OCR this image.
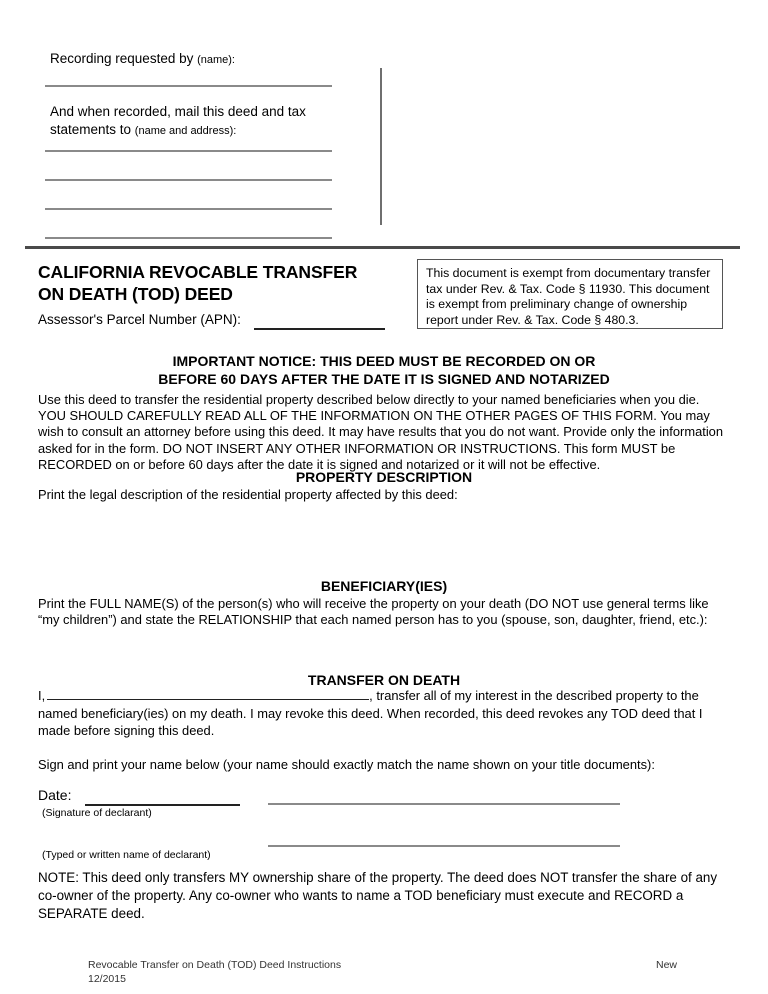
Recording requested by (name):
And when recorded, mail this deed and tax statements to (name and address):
CALIFORNIA REVOCABLE TRANSFER
ON DEATH (TOD) DEED
Assessor's Parcel Number (APN):

This document is exempt from documentary transfer tax under Rev. & Tax. Code § 11930. This document is exempt from preliminary change of ownership report under Rev. & Tax. Code § 480.3.

IMPORTANT NOTICE: THIS DEED MUST BE RECORDED ON OR
BEFORE 60 DAYS AFTER THE DATE IT IS SIGNED AND NOTARIZED
Use this deed to transfer the residential property described below directly to your named beneficiaries when you die. YOU SHOULD CAREFULLY READ ALL OF THE INFORMATION ON THE OTHER PAGES OF THIS FORM. You may wish to consult an attorney before using this deed. It may have results that you do not want. Provide only the information asked for in the form. DO NOT INSERT ANY OTHER INFORMATION OR INSTRUCTIONS. This form MUST be RECORDED on or before 60 days after the date it is signed and notarized or it will not be effective.
PROPERTY DESCRIPTION
Print the legal description of the residential property affected by this deed:
BENEFICIARY(IES)
Print the FULL NAME(S) of the person(s) who will receive the property on your death (DO NOT use general terms like “my children”) and state the RELATIONSHIP that each named person has to you (spouse, son, daughter, friend, etc.):
TRANSFER ON DEATH
I,	, transfer all of my interest in the described property to the named beneficiary(ies) on my death. I may revoke this deed. When recorded, this deed revokes any TOD deed that I made before signing this deed.
Sign and print your name below (your name should exactly match the name shown on your title documents):
Date:
(Signature of declarant)
(Typed or written name of declarant)
NOTE: This deed only transfers MY ownership share of the property. The deed does NOT transfer the share of any co-owner of the property. Any co-owner who wants to name a TOD beneficiary must execute and RECORD a SEPARATE deed.
Revocable Transfer on Death (TOD) Deed Instructions
12/2015
New
